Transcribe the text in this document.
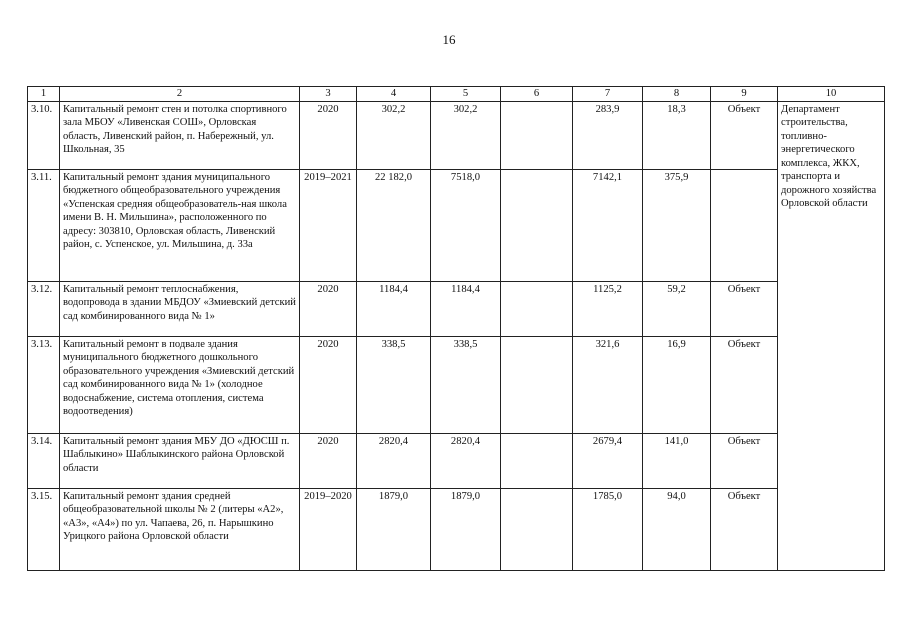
16
1	2	3	4	5	6	7	8	9	10
3.10.	Капитальный ремонт стен и потолка спортивного зала МБОУ «Ливенская СОШ», Орловская область, Ливенский район, п. Набережный, ул. Школьная, 35	2020	302,2	302,2		283,9	18,3	Объект	Департамент строительства, топливно-энергетического комплекса, ЖКХ, транспорта и дорожного хозяйства Орловской области
3.11.	Капитальный ремонт здания муниципального бюджетного общеобразовательного учреждения «Успенская средняя общеобразователь-ная школа имени В. Н. Мильшина», расположенного по адресу: 303810, Орловская область, Ливенский район, с. Успенское, ул. Мильшина, д. 33а	2019–2021	22 182,0	7518,0		7142,1	375,9		
3.12.	Капитальный ремонт теплоснабжения, водопровода в здании МБДОУ «Змиевский детский сад комбинированного вида № 1»	2020	1184,4	1184,4		1125,2	59,2	Объект	
3.13.	Капитальный ремонт в подвале здания муниципального бюджетного дошкольного образовательного учреждения «Змиевский детский сад комбинированного вида № 1» (холодное водоснабжение, система отопления, система водоотведения)	2020	338,5	338,5		321,6	16,9	Объект	
3.14.	Капитальный ремонт здания МБУ ДО «ДЮСШ п. Шаблыкино» Шаблыкинского района Орловской области	2020	2820,4	2820,4		2679,4	141,0	Объект	
3.15.	Капитальный ремонт здания средней общеобразовательной школы № 2 (литеры «А2», «А3», «А4») по ул. Чапаева, 26, п. Нарышкино Урицкого района Орловской области	2019–2020	1879,0	1879,0		1785,0	94,0	Объект	
